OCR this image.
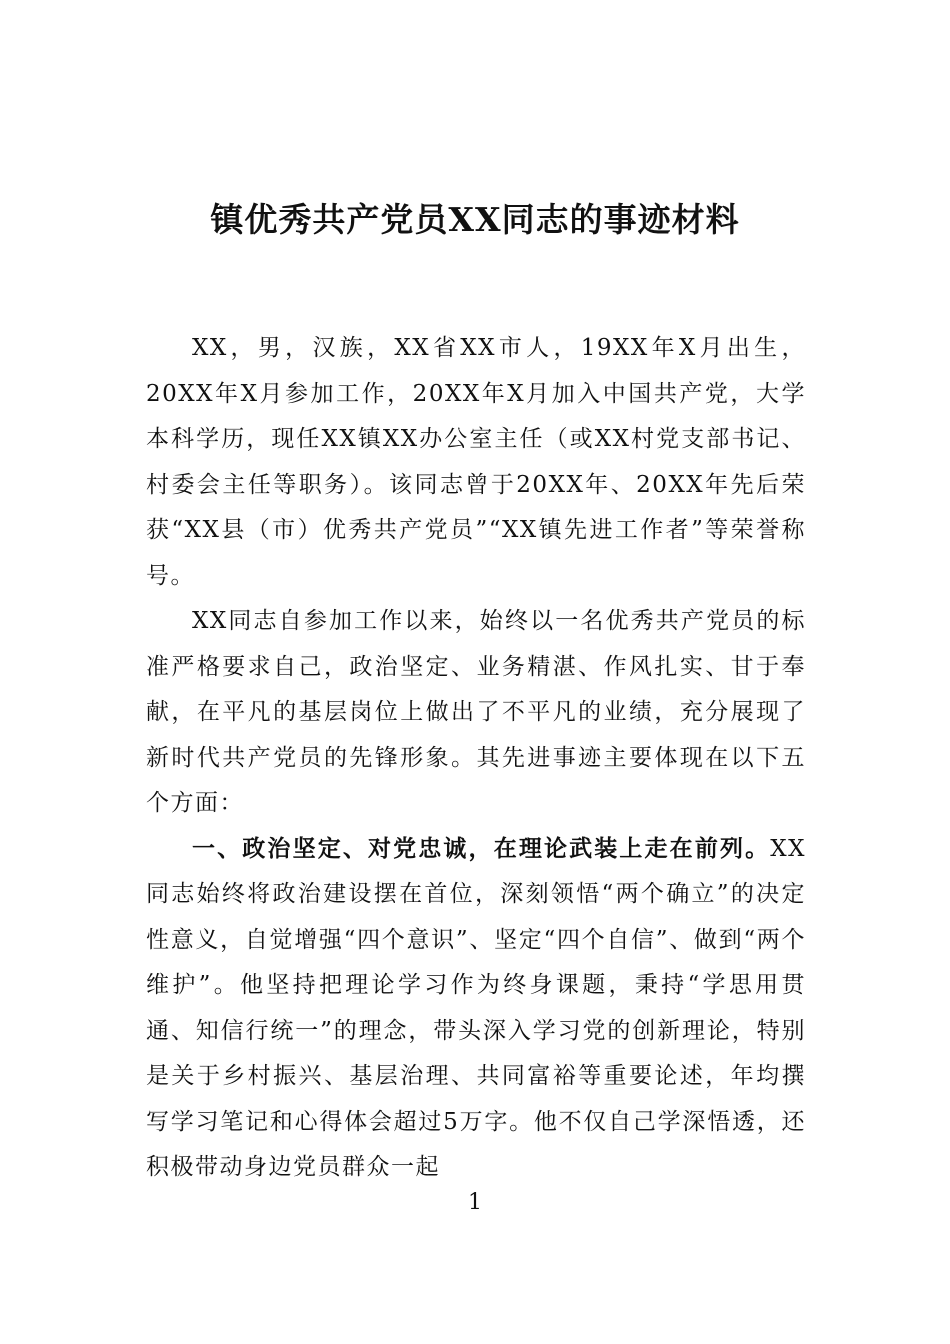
镇优秀共产党员XX同志的事迹材料

XX，男，汉族，XX省XX市人，19XX年X月出生，20XX年X月参加工作，20XX年X月加入中国共产党，大学本科学历，现任XX镇XX办公室主任（或XX村党支部书记、村委会主任等职务）。该同志曾于20XX年、20XX年先后荣获“XX县（市）优秀共产党员”“XX镇先进工作者”等荣誉称号。

XX同志自参加工作以来，始终以一名优秀共产党员的标准严格要求自己，政治坚定、业务精湛、作风扎实、甘于奉献，在平凡的基层岗位上做出了不平凡的业绩，充分展现了新时代共产党员的先锋形象。其先进事迹主要体现在以下五个方面：

一、政治坚定、对党忠诚，在理论武装上走在前列。XX同志始终将政治建设摆在首位，深刻领悟“两个确立”的决定性意义，自觉增强“四个意识”、坚定“四个自信”、做到“两个维护”。他坚持把理论学习作为终身课题，秉持“学思用贯通、知信行统一”的理念，带头深入学习党的创新理论，特别是关于乡村振兴、基层治理、共同富裕等重要论述，年均撰写学习笔记和心得体会超过5万字。他不仅自己学深悟透，还积极带动身边党员群众一起

1
